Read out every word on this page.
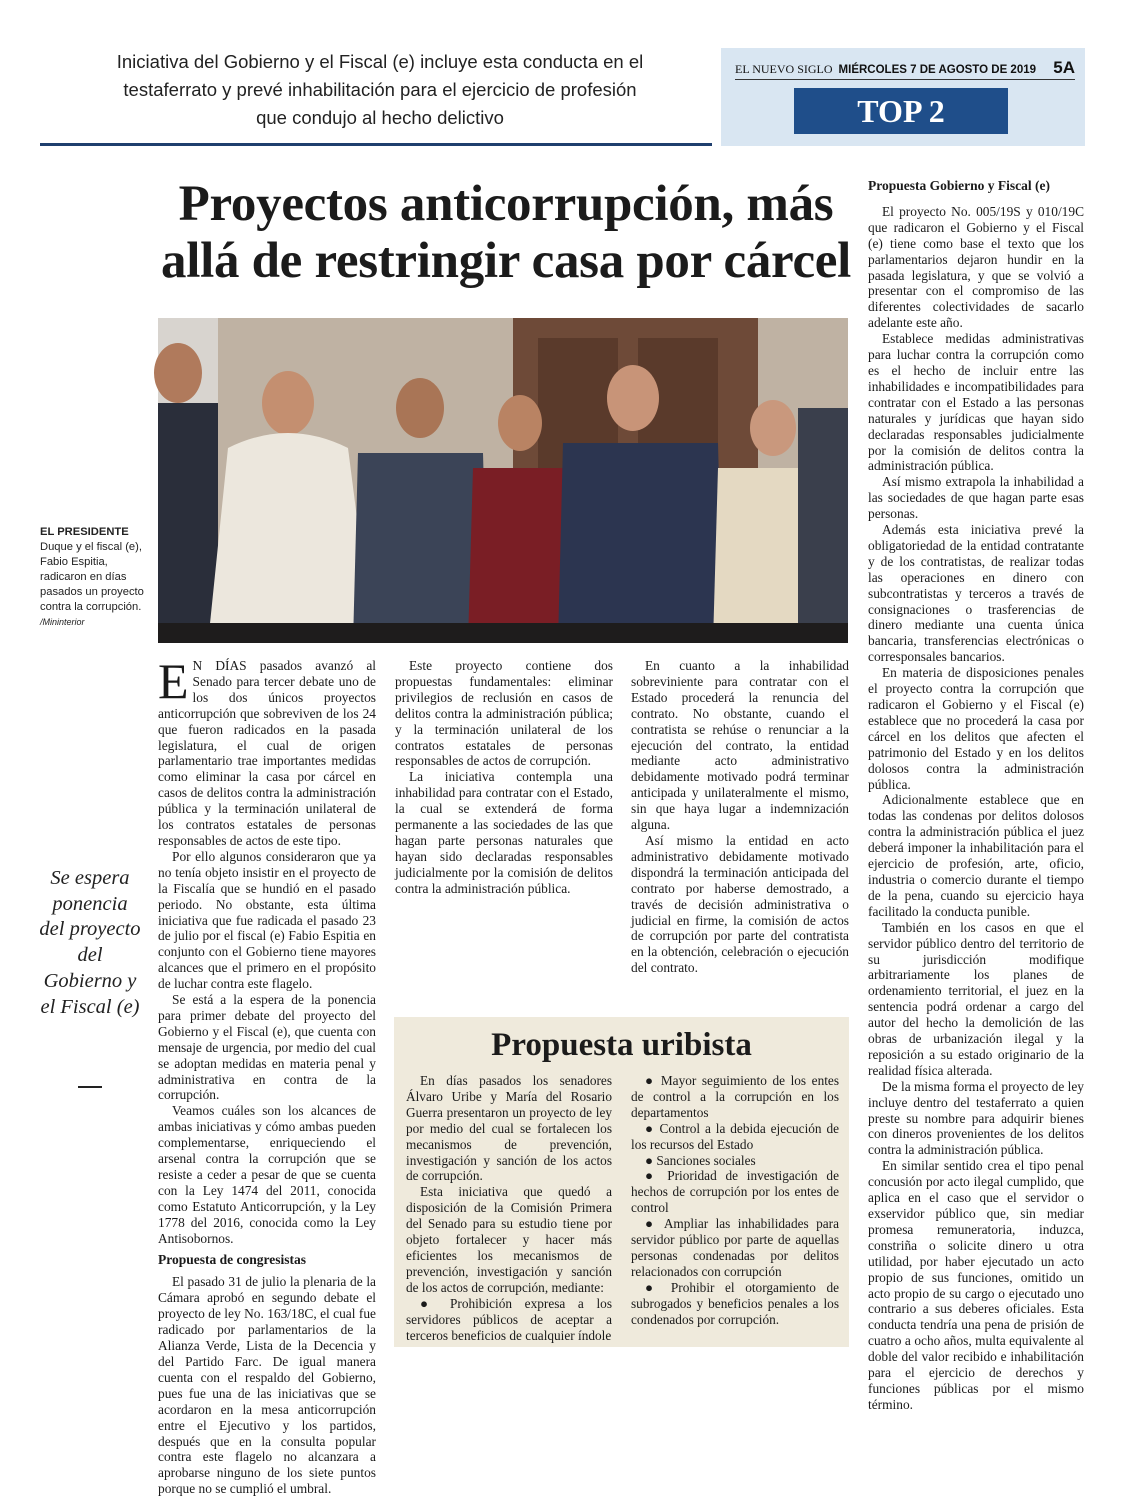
Iniciativa del Gobierno y el Fiscal (e) incluye esta conducta en el testaferrato y prevé inhabilitación para el ejercicio de profesión que condujo al hecho delictivo
EL NUEVO SIGLO MIÉRCOLES 7 DE AGOSTO DE 2019 5A
TOP 2
Proyectos anticorrupción, más allá de restringir casa por cárcel
EL PRESIDENTE
Duque y el fiscal (e), Fabio Espitia, radicaron en días pasados un proyecto contra la corrupción.
/Mininterior
Se espera ponencia del proyecto del Gobierno y el Fiscal (e)

E N DÍAS pasados avanzó al Senado para tercer debate uno de los dos únicos proyectos anticorrupción que sobreviven de los 24 que fueron radicados en la pasada legislatura, el cual de origen parlamentario trae importantes medidas como eliminar la casa por cárcel en casos de delitos contra la administración pública y la terminación unilateral de los contratos estatales de personas responsables de actos de este tipo.

Por ello algunos consideraron que ya no tenía objeto insistir en el proyecto de la Fiscalía que se hundió en el pasado periodo. No obstante, esta última iniciativa que fue radicada el pasado 23 de julio por el fiscal (e) Fabio Espitia en conjunto con el Gobierno tiene mayores alcances que el primero en el propósito de luchar contra este flagelo.

Se está a la espera de la ponencia para primer debate del proyecto del Gobierno y el Fiscal (e), que cuenta con mensaje de urgencia, por medio del cual se adoptan medidas en materia penal y administrativa en contra de la corrupción.

Veamos cuáles son los alcances de ambas iniciativas y cómo ambas pueden complementarse, enriqueciendo el arsenal contra la corrupción que se resiste a ceder a pesar de que se cuenta con la Ley 1474 del 2011, conocida como Estatuto Anticorrupción, y la Ley 1778 del 2016, conocida como la Ley Antisobornos.

Propuesta de congresistas

El pasado 31 de julio la plenaria de la Cámara aprobó en segundo debate el proyecto de ley No. 163/18C, el cual fue radicado por parlamentarios de la Alianza Verde, Lista de la Decencia y del Partido Farc. De igual manera cuenta con el respaldo del Gobierno, pues fue una de las iniciativas que se acordaron en la mesa anticorrupción entre el Ejecutivo y los partidos, después que en la consulta popular contra este flagelo no alcanzara a aprobarse ninguno de los siete puntos porque no se cumplió el umbral.

Este proyecto contiene dos propuestas fundamentales: eliminar privilegios de reclusión en casos de delitos contra la administración pública; y la terminación unilateral de los contratos estatales de personas responsables de actos de corrupción.

La iniciativa contempla una inhabilidad para contratar con el Estado, la cual se extenderá de forma permanente a las sociedades de las que hagan parte personas naturales que hayan sido declaradas responsables judicialmente por la comisión de delitos contra la administración pública.

En cuanto a la inhabilidad sobreviniente para contratar con el Estado procederá la renuncia del contrato. No obstante, cuando el contratista se rehúse o renunciar a la ejecución del contrato, la entidad mediante acto administrativo debidamente motivado podrá terminar anticipada y unilateralmente el mismo, sin que haya lugar a indemnización alguna.

Así mismo la entidad en acto administrativo debidamente motivado dispondrá la terminación anticipada del contrato por haberse demostrado, a través de decisión administrativa o judicial en firme, la comisión de actos de corrupción por parte del contratista en la obtención, celebración o ejecución del contrato.

Propuesta Gobierno y Fiscal (e)

El proyecto No. 005/19S y 010/19C que radicaron el Gobierno y el Fiscal (e) tiene como base el texto que los parlamentarios dejaron hundir en la pasada legislatura, y que se volvió a presentar con el compromiso de las diferentes colectividades de sacarlo adelante este año.

Establece medidas administrativas para luchar contra la corrupción como es el hecho de incluir entre las inhabilidades e incompatibilidades para contratar con el Estado a las personas naturales y jurídicas que hayan sido declaradas responsables judicialmente por la comisión de delitos contra la administración pública.

Así mismo extrapola la inhabilidad a las sociedades de que hagan parte esas personas.

Además esta iniciativa prevé la obligatoriedad de la entidad contratante y de los contratistas, de realizar todas las operaciones en dinero con subcontratistas y terceros a través de consignaciones o trasferencias de dinero mediante una cuenta única bancaria, transferencias electrónicas o corresponsales bancarios.

En materia de disposiciones penales el proyecto contra la corrupción que radicaron el Gobierno y el Fiscal (e) establece que no procederá la casa por cárcel en los delitos que afecten el patrimonio del Estado y en los delitos dolosos contra la administración pública.

Adicionalmente establece que en todas las condenas por delitos dolosos contra la administración pública el juez deberá imponer la inhabilitación para el ejercicio de profesión, arte, oficio, industria o comercio durante el tiempo de la pena, cuando su ejercicio haya facilitado la conducta punible.

También en los casos en que el servidor público dentro del territorio de su jurisdicción modifique arbitrariamente los planes de ordenamiento territorial, el juez en la sentencia podrá ordenar a cargo del autor del hecho la demolición de las obras de urbanización ilegal y la reposición a su estado originario de la realidad física alterada.

De la misma forma el proyecto de ley incluye dentro del testaferrato a quien preste su nombre para adquirir bienes con dineros provenientes de los delitos contra la administración pública.

En similar sentido crea el tipo penal concusión por acto ilegal cumplido, que aplica en el caso que el servidor o exservidor público que, sin mediar promesa remuneratoria, induzca, constriña o solicite dinero u otra utilidad, por haber ejecutado un acto propio de sus funciones, omitido un acto propio de su cargo o ejecutado uno contrario a sus deberes oficiales. Esta conducta tendría una pena de prisión de cuatro a ocho años, multa equivalente al doble del valor recibido e inhabilitación para el ejercicio de derechos y funciones públicas por el mismo término.

Propuesta uribista

En días pasados los senadores Álvaro Uribe y María del Rosario Guerra presentaron un proyecto de ley por medio del cual se fortalecen los mecanismos de prevención, investigación y sanción de los actos de corrupción.

Esta iniciativa que quedó a disposición de la Comisión Primera del Senado para su estudio tiene por objeto fortalecer y hacer más eficientes los mecanismos de prevención, investigación y sanción de los actos de corrupción, mediante:

● Prohibición expresa a los servidores públicos de aceptar a terceros beneficios de cualquier índole

● Mayor seguimiento de los entes de control a la corrupción en los departamentos

● Control a la debida ejecución de los recursos del Estado

● Sanciones sociales

● Prioridad de investigación de hechos de corrupción por los entes de control

● Ampliar las inhabilidades para servidor público por parte de aquellas personas condenadas por delitos relacionados con corrupción

● Prohibir el otorgamiento de subrogados y beneficios penales a los condenados por corrupción.
